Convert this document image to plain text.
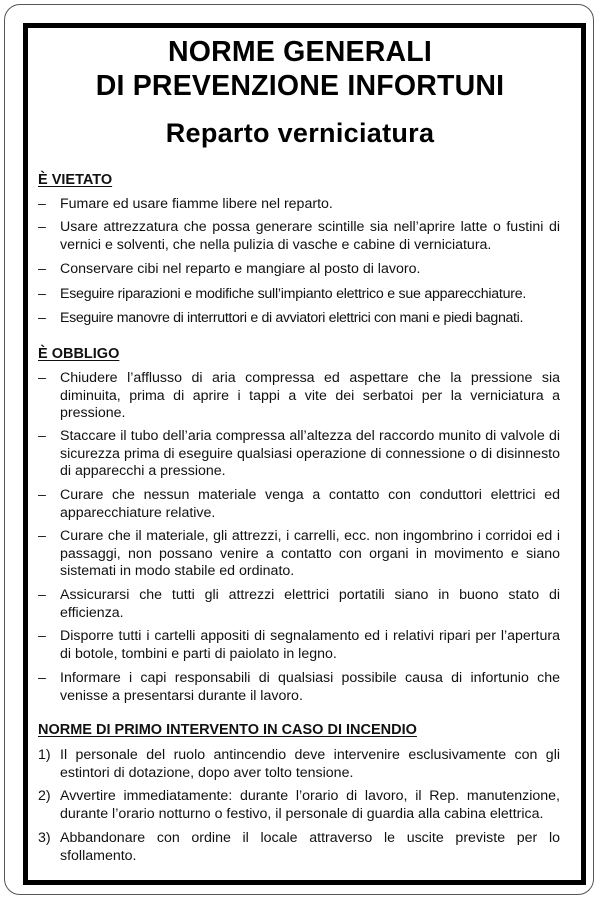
NORME GENERALI
DI PREVENZIONE INFORTUNI
Reparto verniciatura
È VIETATO
– Fumare ed usare fiamme libere nel reparto.
– Usare attrezzatura che possa generare scintille sia nell’aprire latte o fustini di vernici e solventi, che nella pulizia di vasche e cabine di verniciatura.
– Conservare cibi nel reparto e mangiare al posto di lavoro.
– Eseguire riparazioni e modifiche sull’impianto elettrico e sue apparecchiature.
– Eseguire manovre di interruttori e di avviatori elettrici con mani e piedi bagnati.
È OBBLIGO
– Chiudere l’afflusso di aria compressa ed aspettare che la pressione sia diminuita, prima di aprire i tappi a vite dei serbatoi per la verniciatura a pressione.
– Staccare il tubo dell’aria compressa all’altezza del raccordo munito di valvole di sicurezza prima di eseguire qualsiasi operazione di connessione o di disinnesto di apparecchi a pressione.
– Curare che nessun materiale venga a contatto con conduttori elettrici ed apparecchiature relative.
– Curare che il materiale, gli attrezzi, i carrelli, ecc. non ingombrino i corridoi ed i passaggi, non possano venire a contatto con organi in movimento e siano sistemati in modo stabile ed ordinato.
– Assicurarsi che tutti gli attrezzi elettrici portatili siano in buono stato di efficienza.
– Disporre tutti i cartelli appositi di segnalamento ed i relativi ripari per l’apertura di botole, tombini e parti di paiolato in legno.
– Informare i capi responsabili di qualsiasi possibile causa di infortunio che venisse a presentarsi durante il lavoro.
NORME DI PRIMO INTERVENTO IN CASO DI INCENDIO
1) Il personale del ruolo antincendio deve intervenire esclusivamente con gli estintori di dotazione, dopo aver tolto tensione.
2) Avvertire immediatamente: durante l’orario di lavoro, il Rep. manutenzione, durante l’orario notturno o festivo, il personale di guardia alla cabina elettrica.
3) Abbandonare con ordine il locale attraverso le uscite previste per lo sfollamento.
